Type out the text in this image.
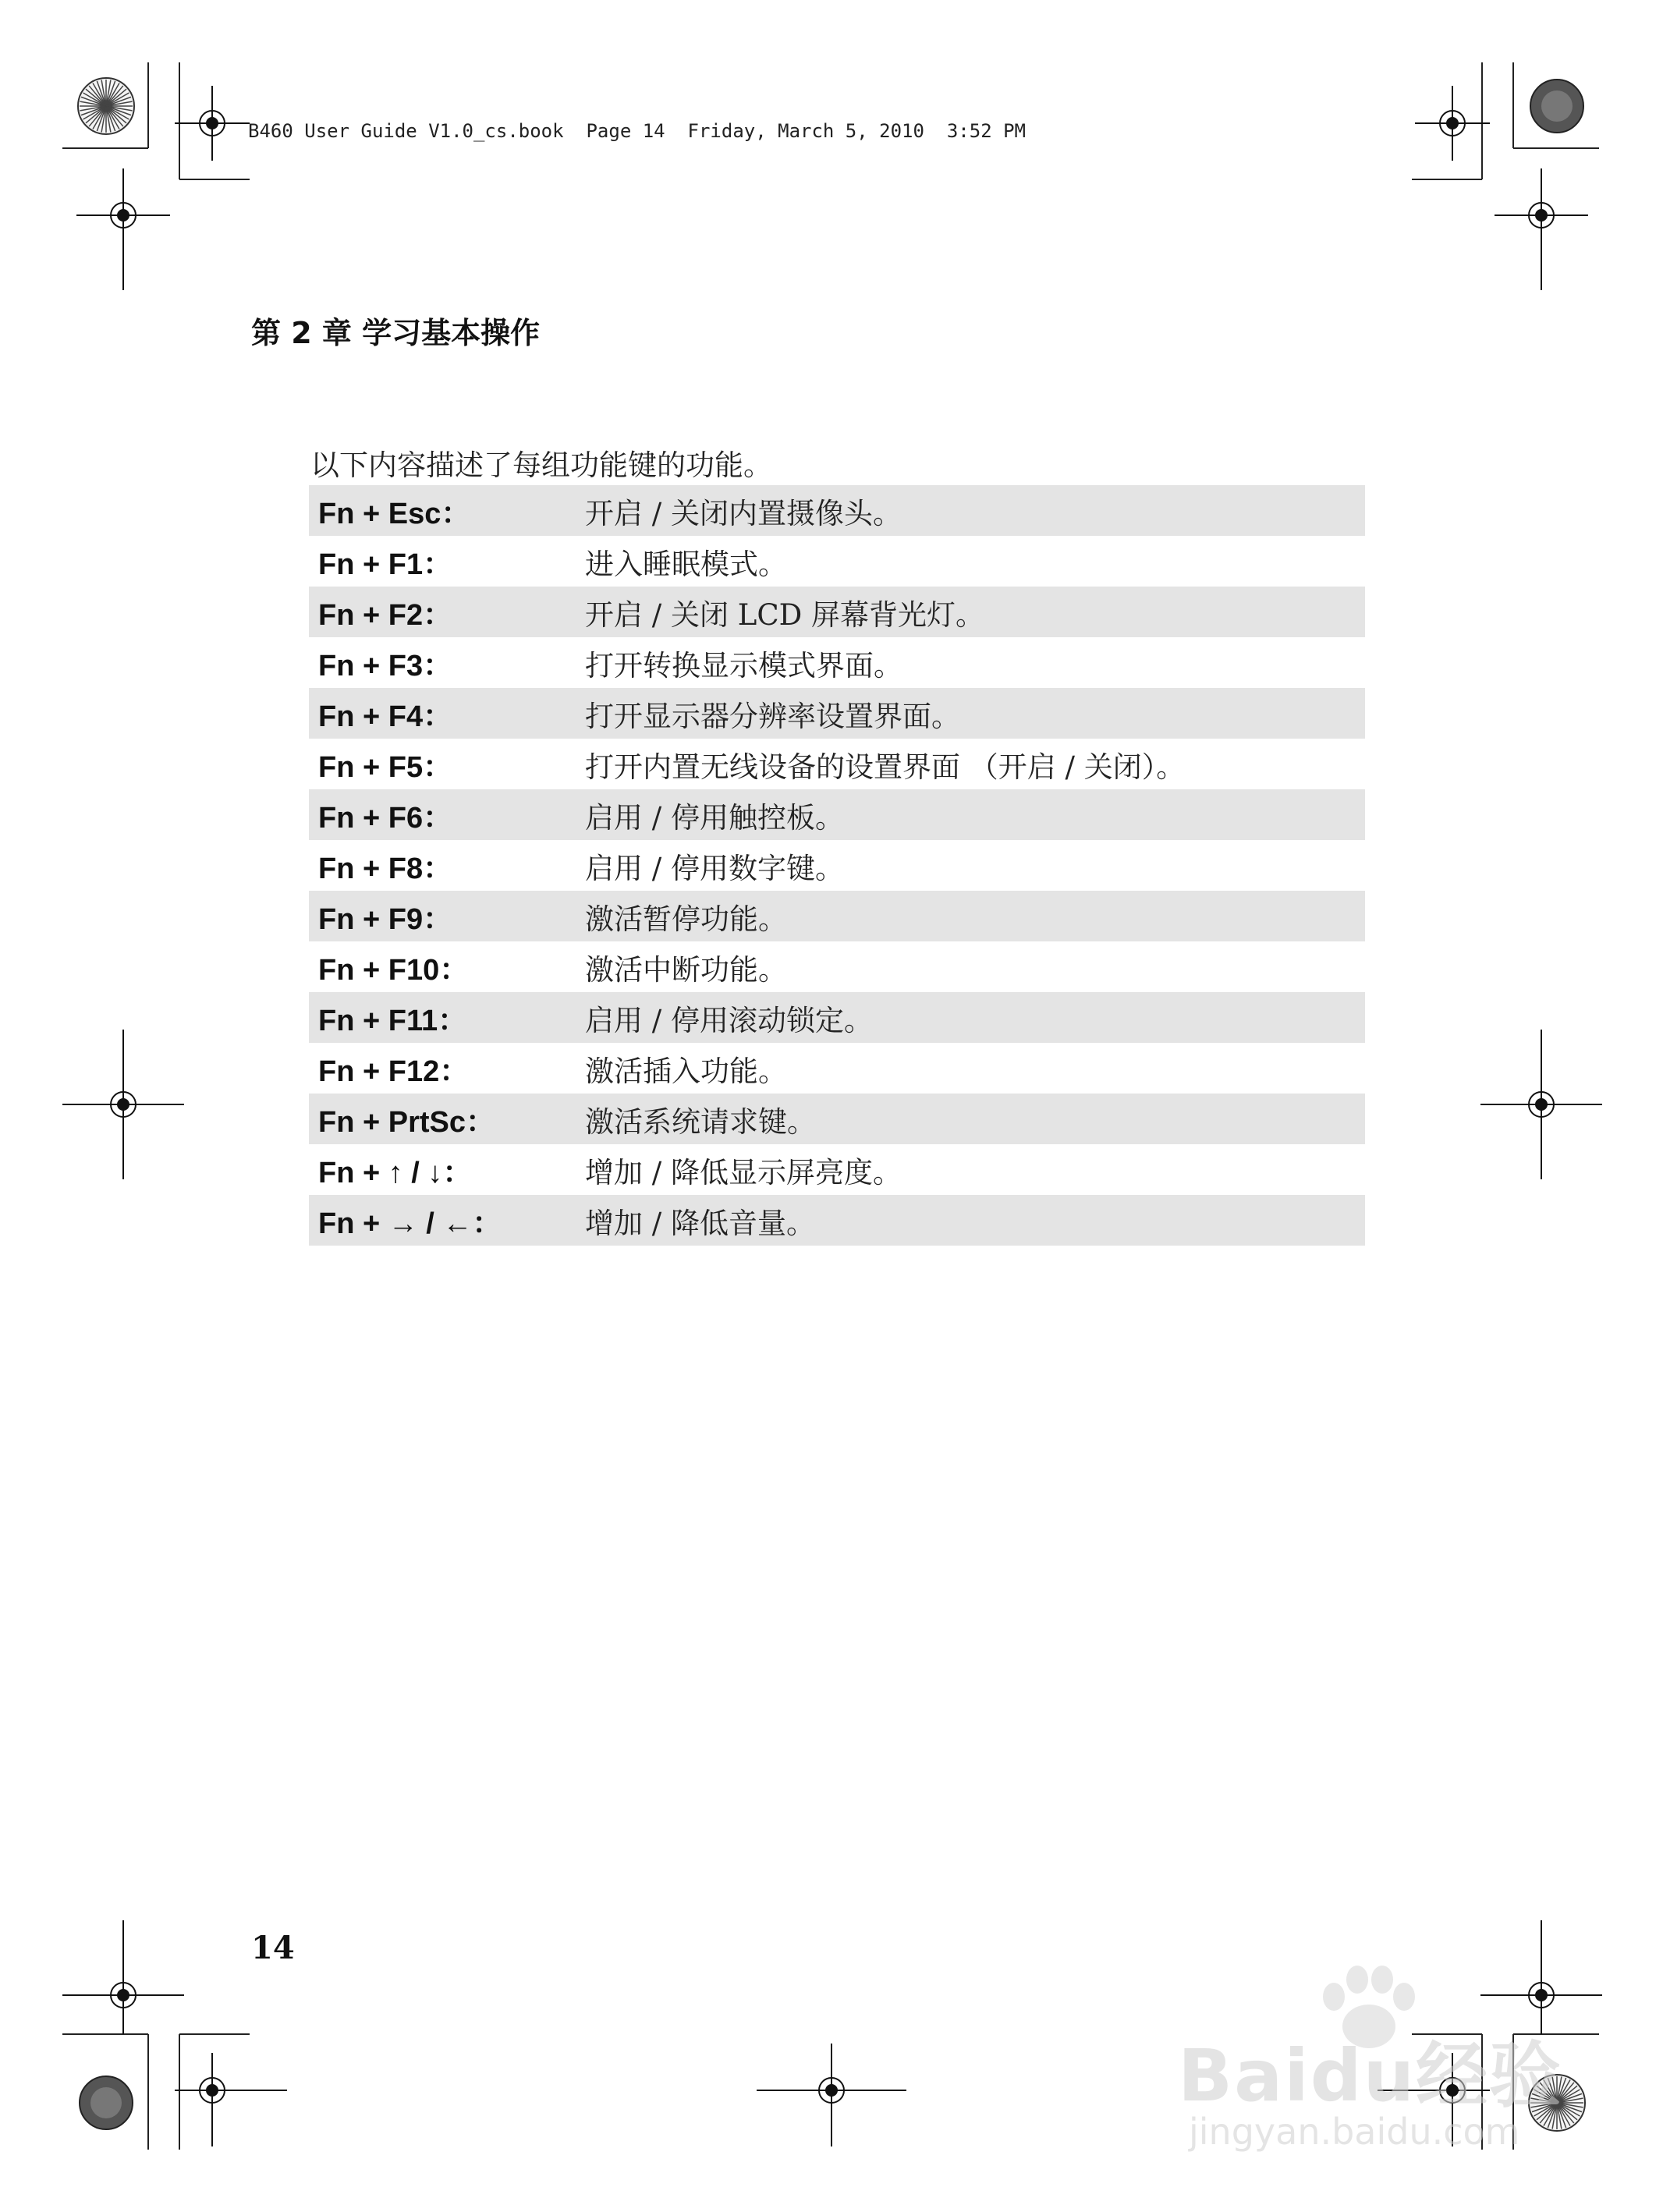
B460 User Guide V1.0_cs.book  Page 14  Friday, March 5, 2010  3:52 PM
第 2 章 学习基本操作
以下内容描述了每组功能键的功能。
Fn + Esc：	开启 / 关闭内置摄像头。
Fn + F1：	进入睡眠模式。
Fn + F2：	开启 / 关闭 LCD 屏幕背光灯。
Fn + F3：	打开转换显示模式界面。
Fn + F4：	打开显示器分辨率设置界面。
Fn + F5：	打开内置无线设备的设置界面 （开启 / 关闭）。
Fn + F6：	启用 / 停用触控板。
Fn + F8：	启用 / 停用数字键。
Fn + F9：	激活暂停功能。
Fn + F10：	激活中断功能。
Fn + F11：	启用 / 停用滚动锁定。
Fn + F12：	激活插入功能。
Fn + PrtSc：	激活系统请求键。
Fn + ↑ / ↓：	增加 / 降低显示屏亮度。
Fn + → / ←：	增加 / 降低音量。
14
Baidu经验
jingyan.baidu.com
